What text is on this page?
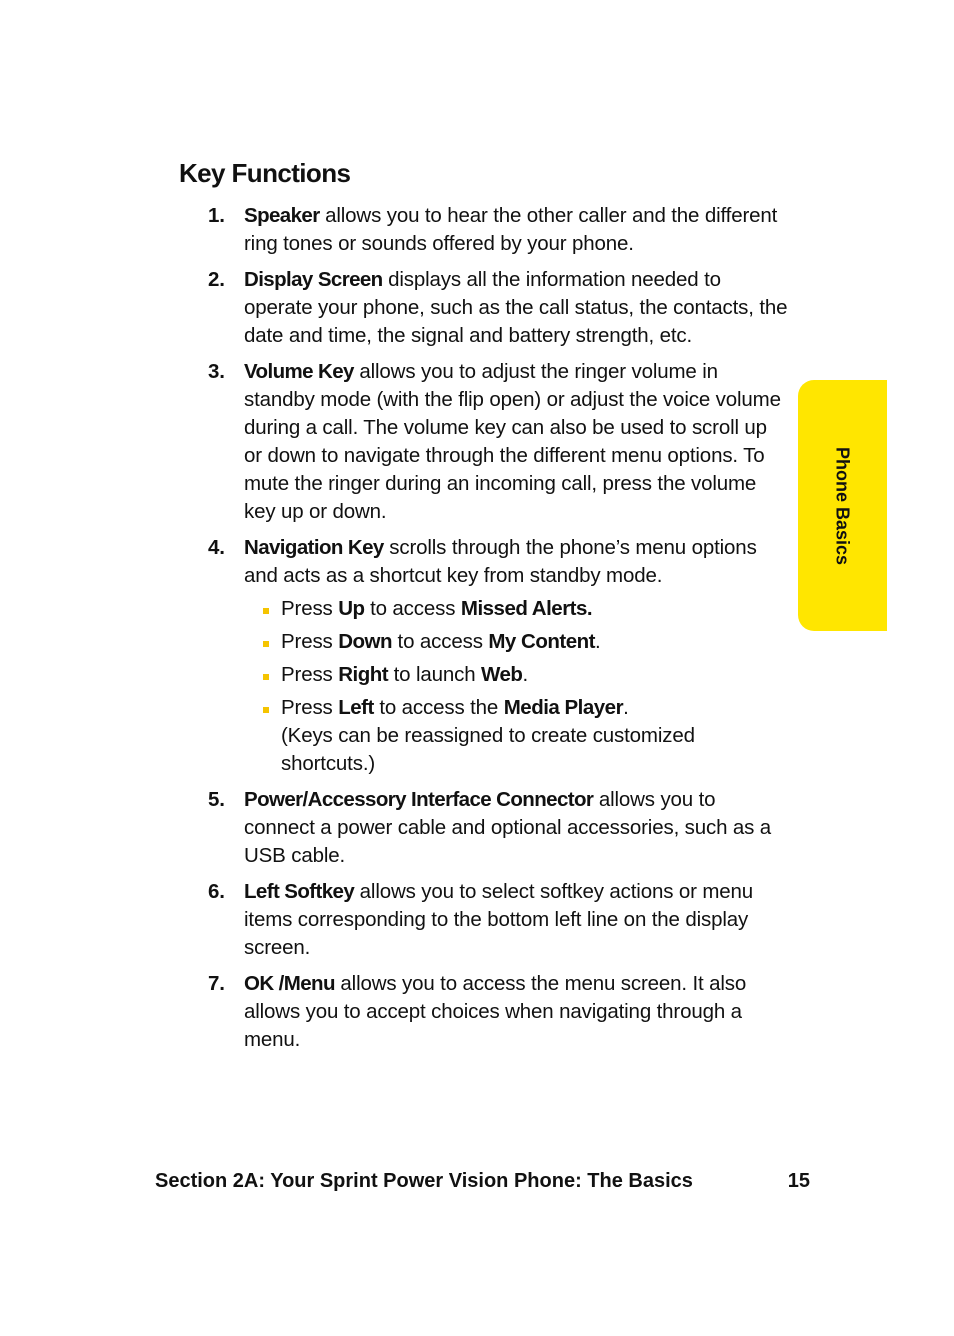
Key Functions
1. Speaker allows you to hear the other caller and the different ring tones or sounds offered by your phone.
2. Display Screen displays all the information needed to operate your phone, such as the call status, the contacts, the date and time, the signal and battery strength, etc.
3. Volume Key allows you to adjust the ringer volume in standby mode (with the flip open) or adjust the voice volume during a call. The volume key can also be used to scroll up or down to navigate through the different menu options. To mute the ringer during an incoming call, press the volume key up or down.
4. Navigation Key scrolls through the phone’s menu options and acts as a shortcut key from standby mode.
Press Up to access Missed Alerts.
Press Down to access My Content.
Press Right to launch Web.
Press Left to access the Media Player.
(Keys can be reassigned to create customized shortcuts.)
5. Power/Accessory Interface Connector allows you to connect a power cable and optional accessories, such as a USB cable.
6. Left Softkey allows you to select softkey actions or menu items corresponding to the bottom left line on the display screen.
7. OK /Menu allows you to access the menu screen. It also allows you to accept choices when navigating through a menu.
Phone Basics
Section 2A: Your Sprint Power Vision Phone: The Basics	15
